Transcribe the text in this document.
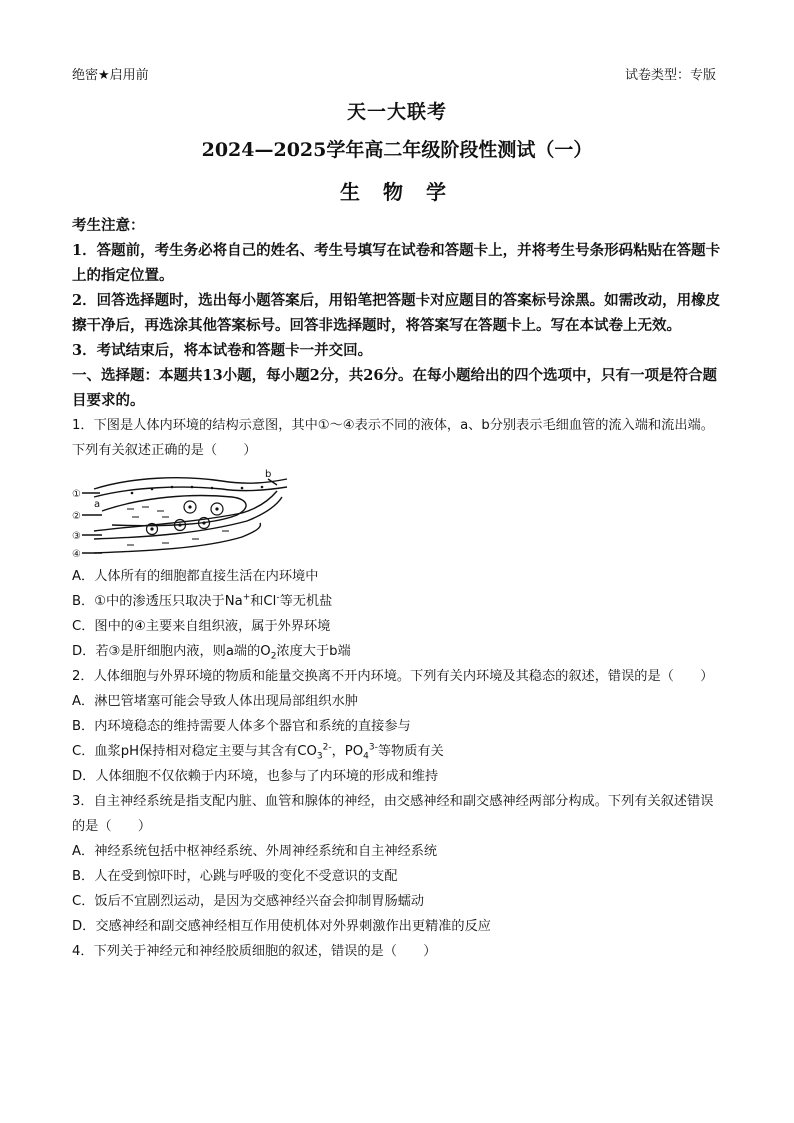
绝密★启用前	试卷类型：专版
天一大联考
2024—2025学年高二年级阶段性测试（一）
生 物 学

考生注意：

1．答题前，考生务必将自己的姓名、考生号填写在试卷和答题卡上，并将考生号条形码粘贴在答题卡上的指定位置。

2．回答选择题时，选出每小题答案后，用铅笔把答题卡对应题目的答案标号涂黑。如需改动，用橡皮擦干净后，再选涂其他答案标号。回答非选择题时，将答案写在答题卡上。写在本试卷上无效。

3．考试结束后，将本试卷和答题卡一并交回。

一、选择题：本题共13小题，每小题2分，共26分。在每小题给出的四个选项中，只有一项是符合题目要求的。

1．下图是人体内环境的结构示意图，其中①～④表示不同的液体，a、b分别表示毛细血管的流入端和流出端。下列有关叙述正确的是（　　）

①
②
③
④
a
b

A．人体所有的细胞都直接生活在内环境中

B．①中的渗透压只取决于Na+和Cl-等无机盐

C．图中的④主要来自组织液，属于外界环境

D．若③是肝细胞内液，则a端的$O_2$浓度大于b端

2．人体细胞与外界环境的物质和能量交换离不开内环境。下列有关内环境及其稳态的叙述，错误的是（　　）

A．淋巴管堵塞可能会导致人体出现局部组织水肿

B．内环境稳态的维持需要人体多个器官和系统的直接参与

C．血浆pH保持相对稳定主要与其含有$CO_3^{2-}$，$PO_4^{3-}$等物质有关

D．人体细胞不仅依赖于内环境，也参与了内环境的形成和维持

3．自主神经系统是指支配内脏、血管和腺体的神经，由交感神经和副交感神经两部分构成。下列有关叙述错误的是（　　）

A．神经系统包括中枢神经系统、外周神经系统和自主神经系统

B．人在受到惊吓时，心跳与呼吸的变化不受意识的支配

C．饭后不宜剧烈运动，是因为交感神经兴奋会抑制胃肠蠕动

D．交感神经和副交感神经相互作用使机体对外界刺激作出更精准的反应

4．下列关于神经元和神经胶质细胞的叙述，错误的是（　　）
